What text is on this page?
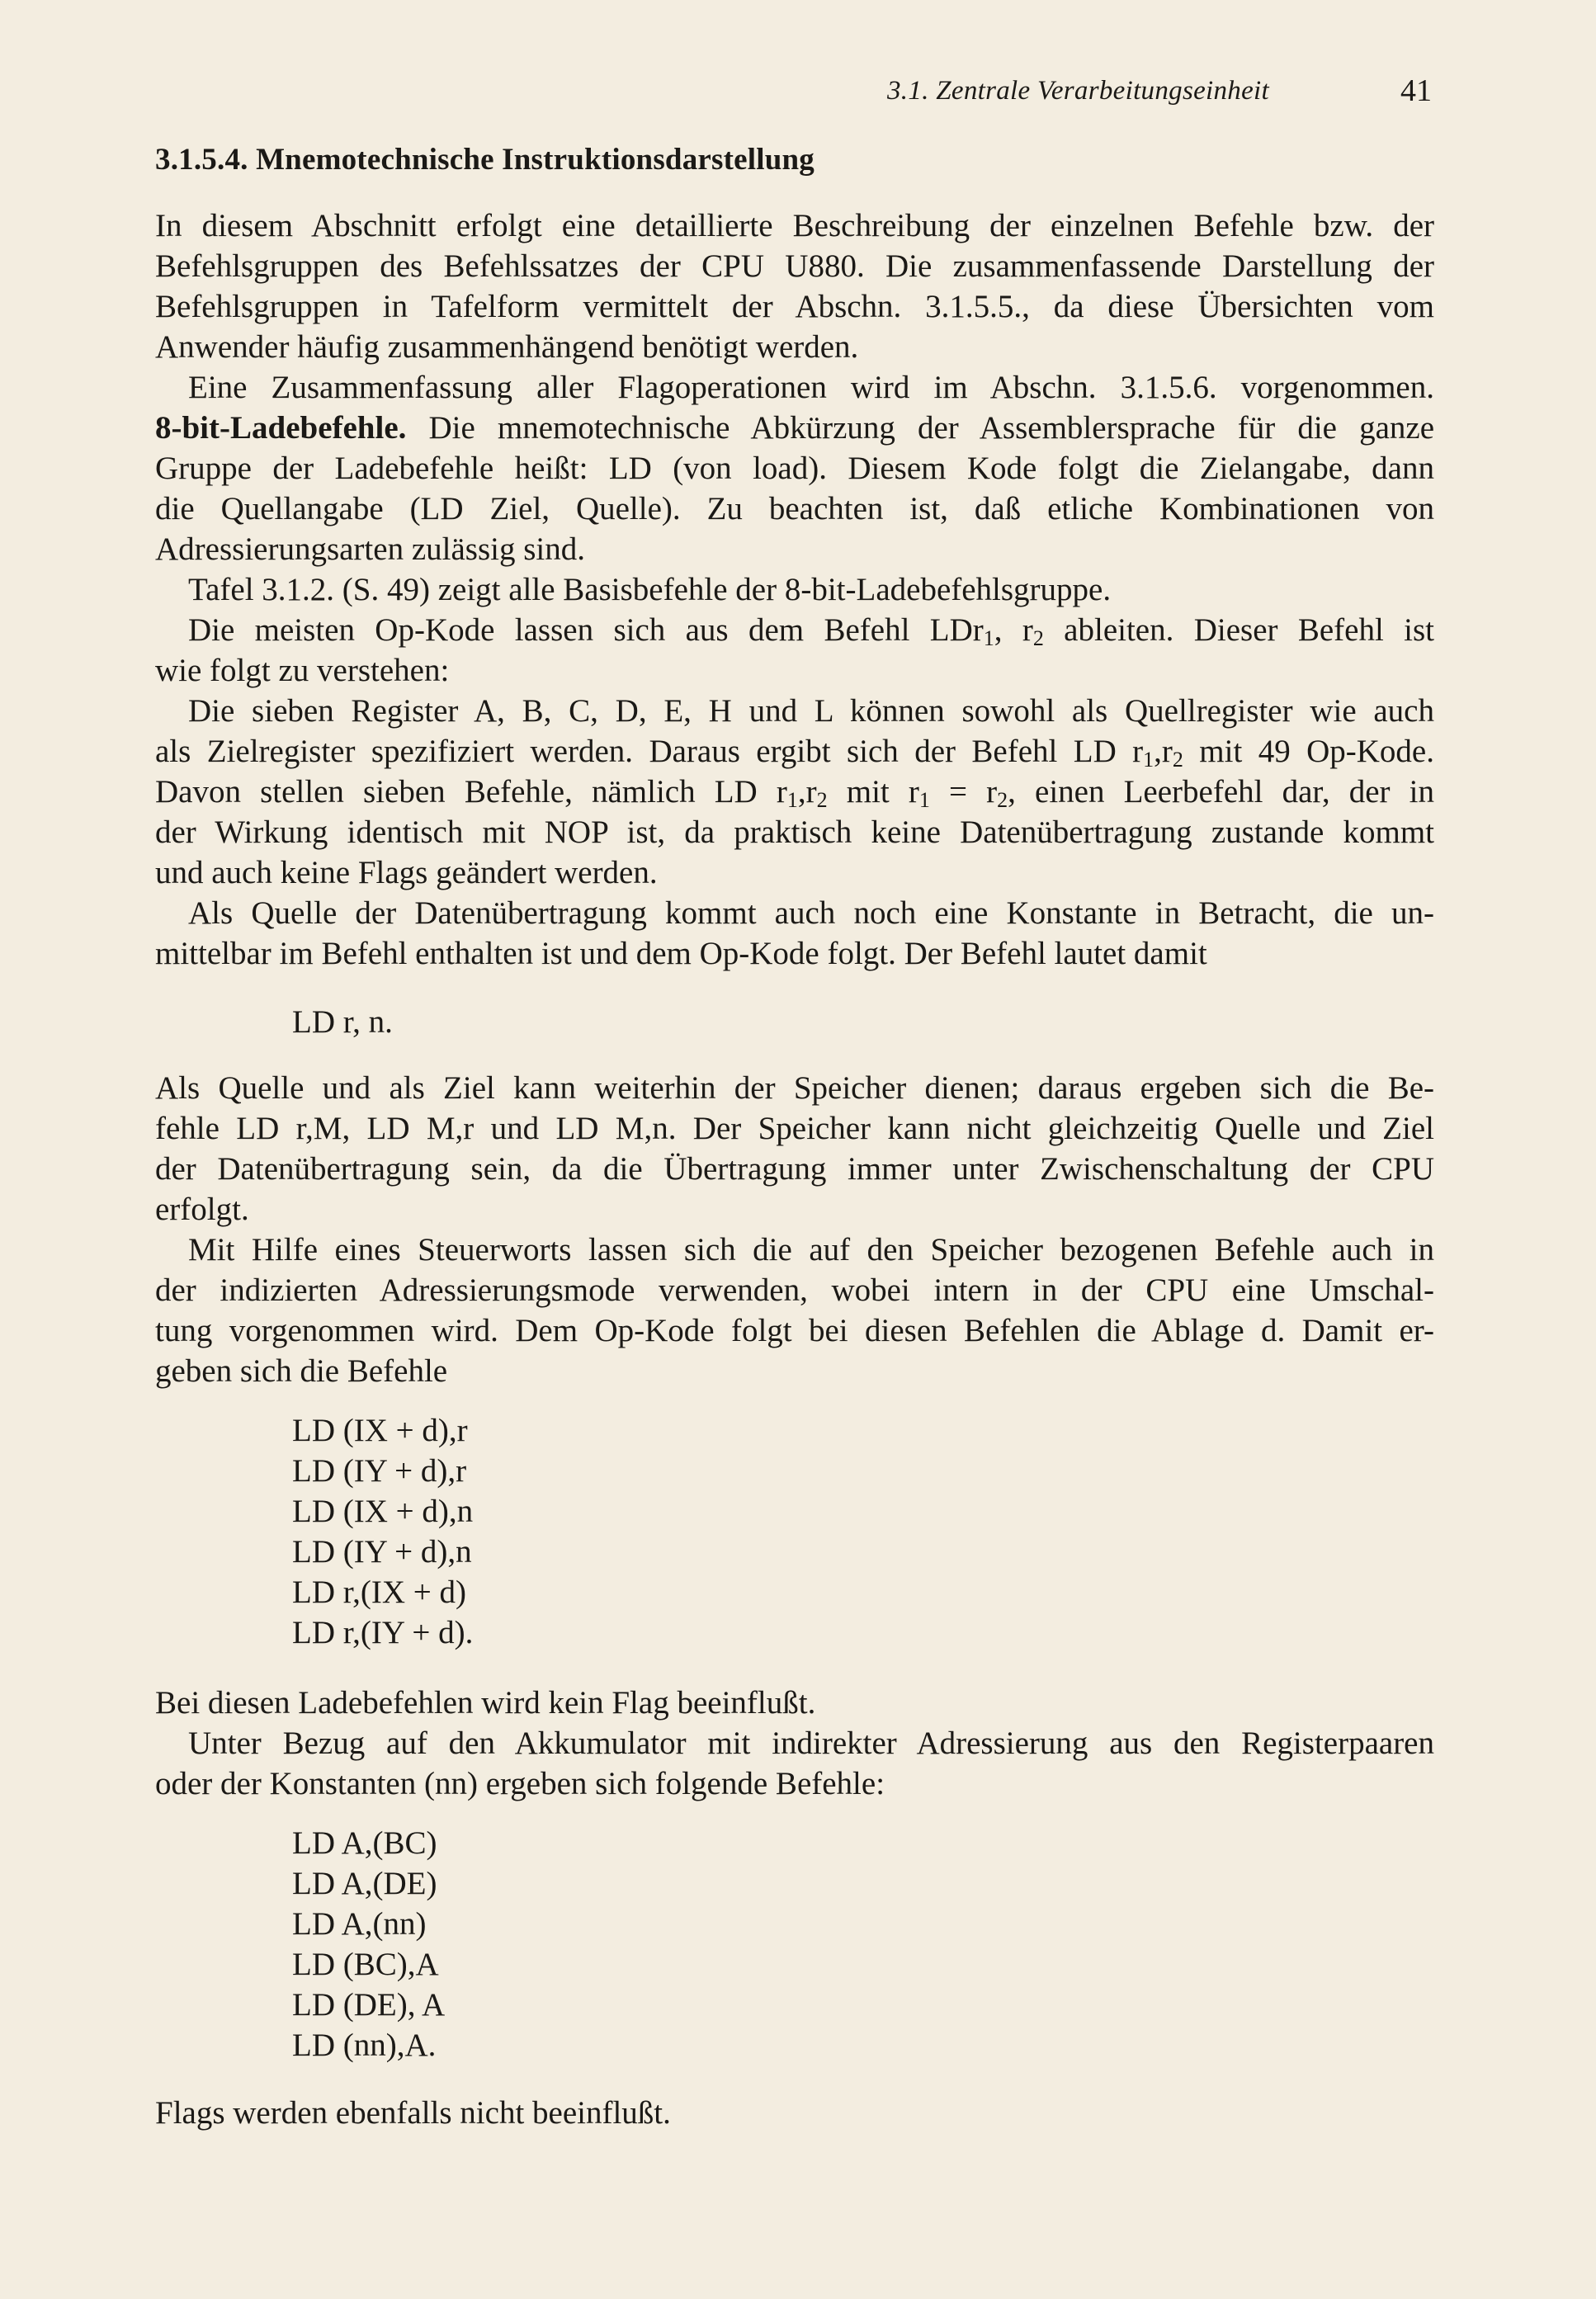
3.1. Zentrale Verarbeitungseinheit	41
3.1.5.4. Mnemotechnische Instruktionsdarstellung
In diesem Abschnitt erfolgt eine detaillierte Beschreibung der einzelnen Befehle bzw. der
Befehlsgruppen des Befehlssatzes der CPU U880. Die zusammenfassende Darstellung der
Befehlsgruppen in Tafelform vermittelt der Abschn. 3.1.5.5., da diese Übersichten vom
Anwender häufig zusammenhängend benötigt werden.
Eine Zusammenfassung aller Flagoperationen wird im Abschn. 3.1.5.6. vorgenommen.
8-bit-Ladebefehle. Die mnemotechnische Abkürzung der Assemblersprache für die ganze
Gruppe der Ladebefehle heißt: LD (von load). Diesem Kode folgt die Zielangabe, dann
die Quellangabe (LD Ziel, Quelle). Zu beachten ist, daß etliche Kombinationen von
Adressierungsarten zulässig sind.
Tafel 3.1.2. (S. 49) zeigt alle Basisbefehle der 8-bit-Ladebefehlsgruppe.
Die meisten Op-Kode lassen sich aus dem Befehl LDr$_1$, $r_2$ ableiten. Dieser Befehl ist
wie folgt zu verstehen:
Die sieben Register A, B, C, D, E, H und L können sowohl als Quellregister wie auch
als Zielregister spezifiziert werden. Daraus ergibt sich der Befehl LD $r_1,r_2$ mit 49 Op-Kode.
Davon stellen sieben Befehle, nämlich LD $r_1,r_2$ mit $r_1 = r_2$, einen Leerbefehl dar, der in
der Wirkung identisch mit NOP ist, da praktisch keine Datenübertragung zustande kommt
und auch keine Flags geändert werden.
Als Quelle der Datenübertragung kommt auch noch eine Konstante in Betracht, die un-
mittelbar im Befehl enthalten ist und dem Op-Kode folgt. Der Befehl lautet damit
LD r, n.
Als Quelle und als Ziel kann weiterhin der Speicher dienen; daraus ergeben sich die Be-
fehle LD r,M, LD M,r und LD M,n. Der Speicher kann nicht gleichzeitig Quelle und Ziel
der Datenübertragung sein, da die Übertragung immer unter Zwischenschaltung der CPU
erfolgt.
Mit Hilfe eines Steuerworts lassen sich die auf den Speicher bezogenen Befehle auch in
der indizierten Adressierungsmode verwenden, wobei intern in der CPU eine Umschal-
tung vorgenommen wird. Dem Op-Kode folgt bei diesen Befehlen die Ablage d. Damit er-
geben sich die Befehle
LD (IX + d),r
LD (IY + d),r
LD (IX + d),n
LD (IY + d),n
LD r,(IX + d)
LD r,(IY + d).
Bei diesen Ladebefehlen wird kein Flag beeinflußt.
Unter Bezug auf den Akkumulator mit indirekter Adressierung aus den Registerpaaren
oder der Konstanten (nn) ergeben sich folgende Befehle:
LD A,(BC)
LD A,(DE)
LD A,(nn)
LD (BC),A
LD (DE), A
LD (nn),A.
Flags werden ebenfalls nicht beeinflußt.
